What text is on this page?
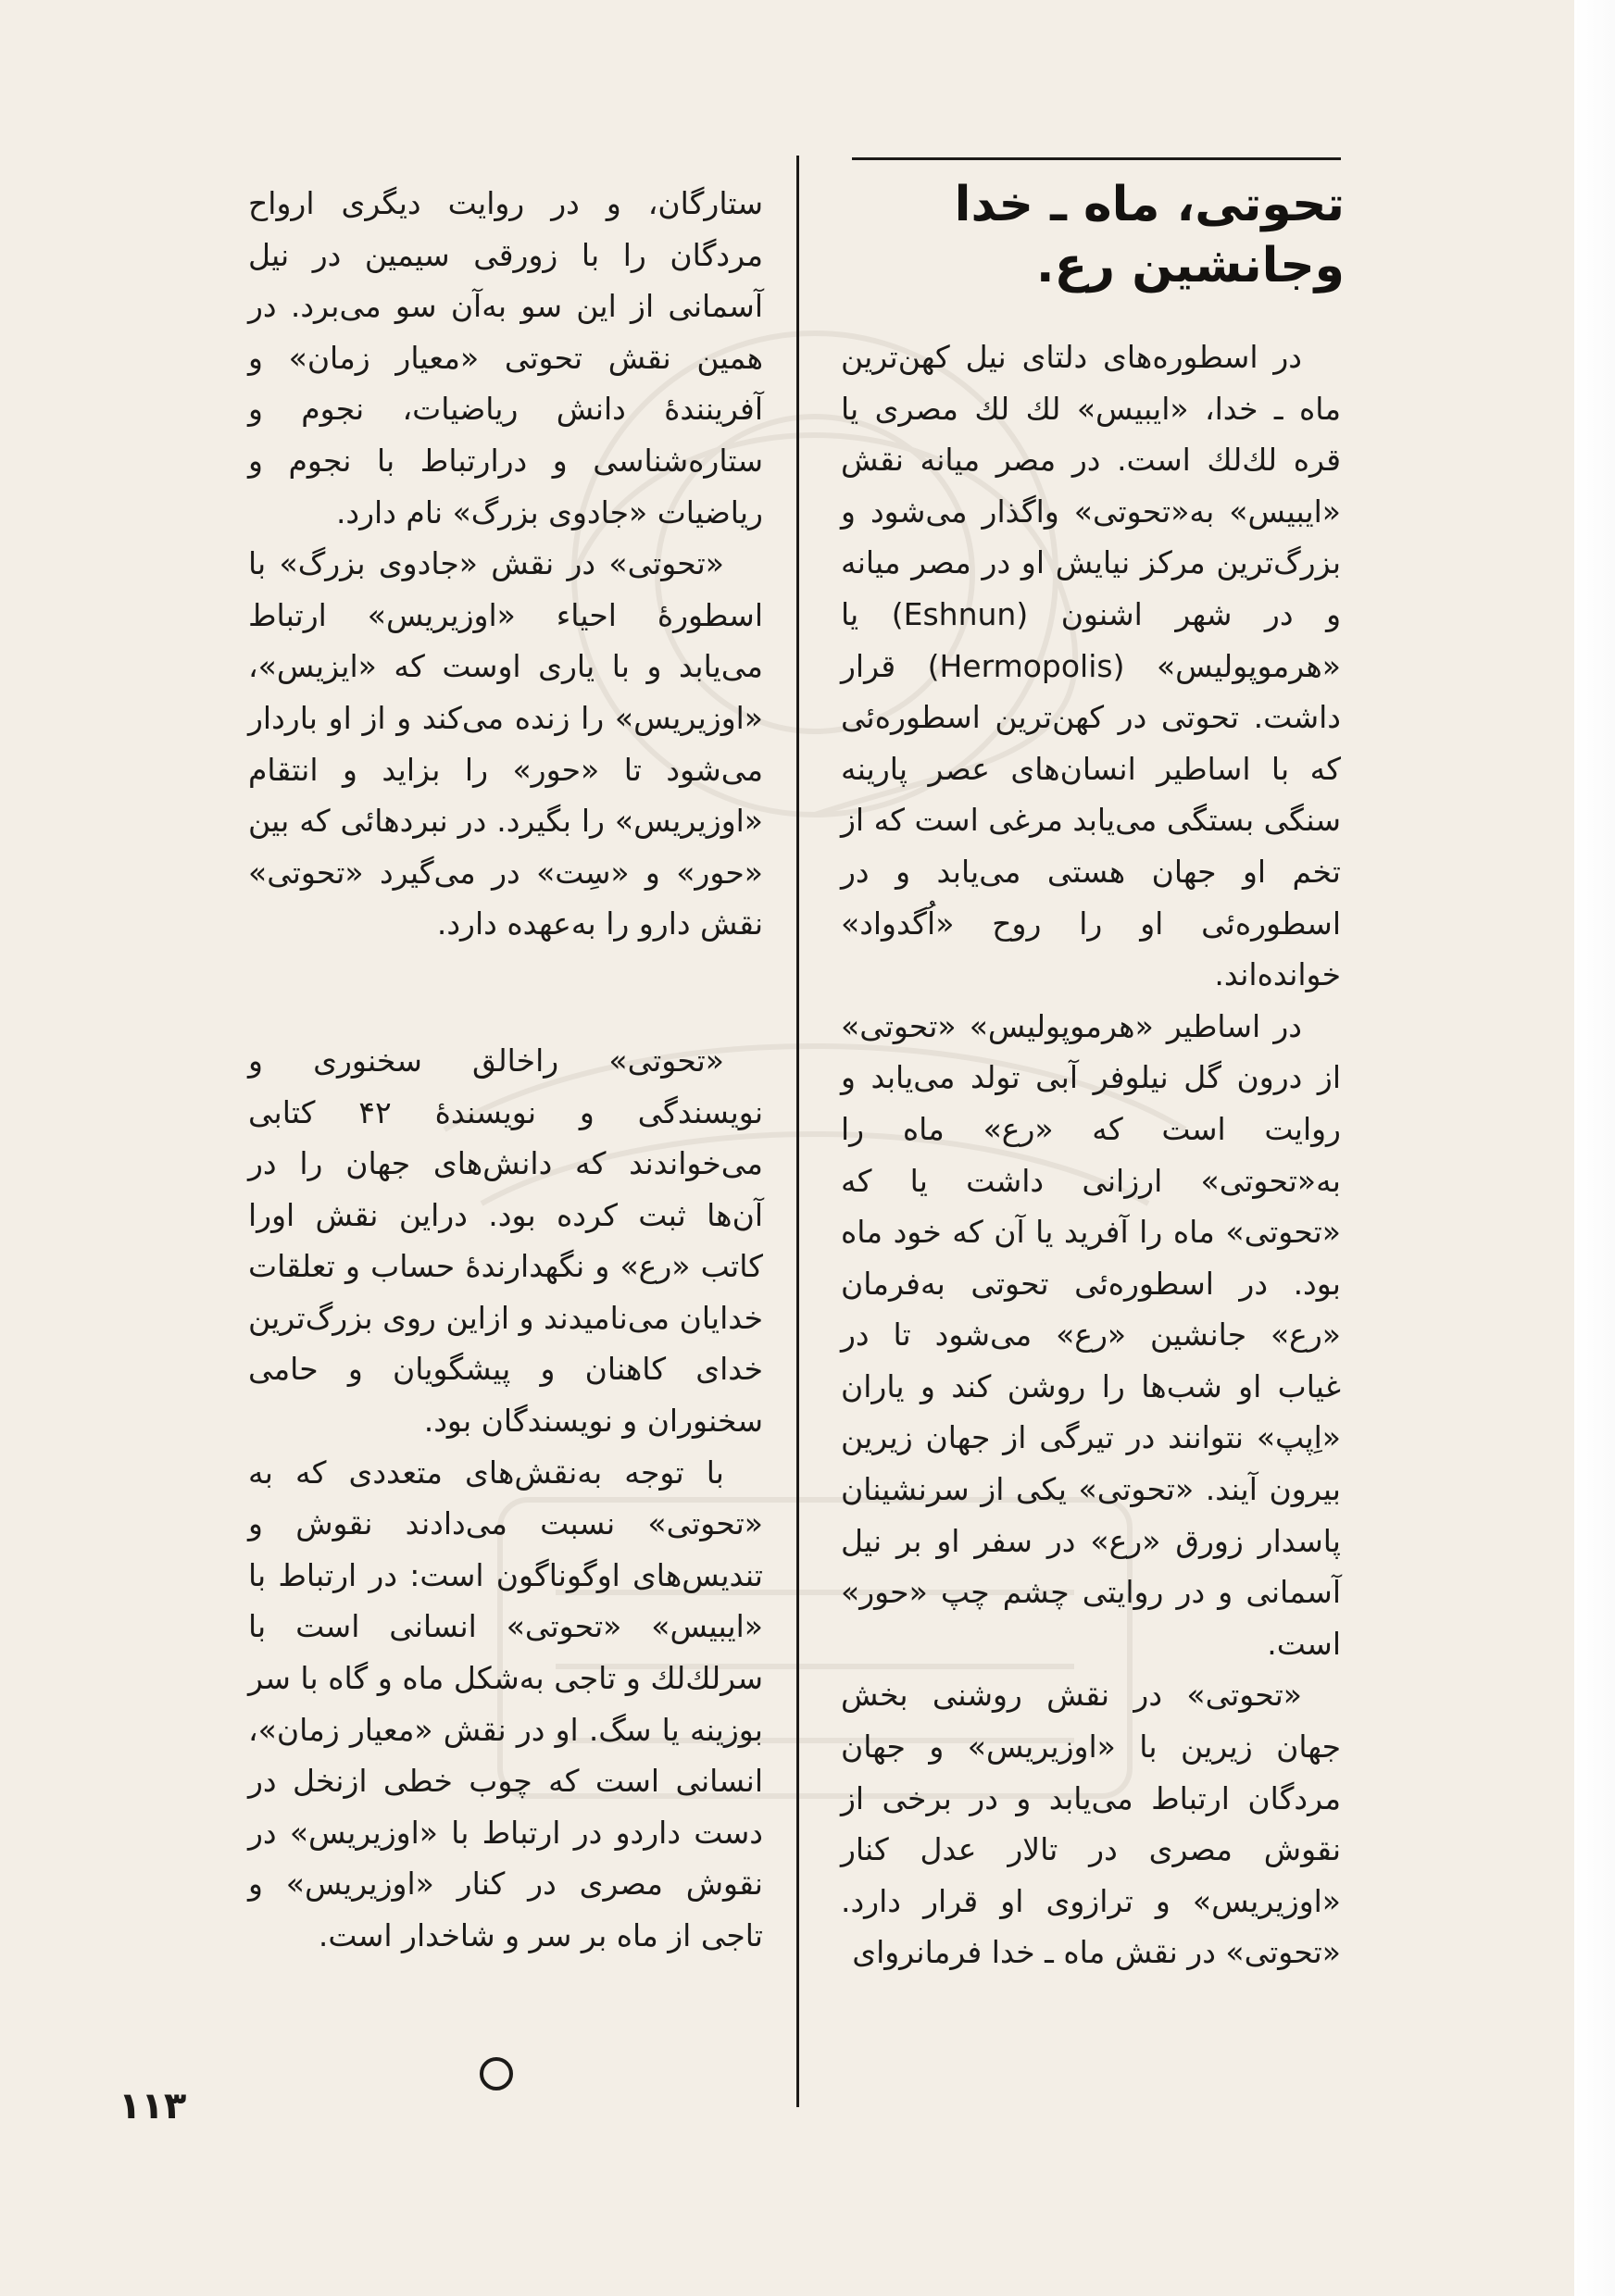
تحوتی، ماه ـ خدا وجانشین رع.

در اسطوره‌های دلتای نیل کهن‌ترین ماه ـ خدا، «ایبیس» لك لك مصری یا قره لك‌لك است. در مصر میانه نقش «ایبیس» به«تحوتی» واگذار می‌شود و بزرگ‌ترین مرکز نیایش او در مصر میانه و در شهر اشنون (Eshnun) یا «هرموپولیس» (Hermopolis) قرار داشت. تحوتی در کهن‌ترین اسطوره‌ئی که با اساطیر انسان‌های عصر پارینه سنگی بستگی می‌یابد مرغی است که از تخم او جهان هستی می‌یابد و در اسطوره‌ئی او را روح «اُگدواد» خوانده‌اند.

در اساطیر «هرموپولیس» «تحوتی» از درون گل نیلوفر آبی تولد می‌یابد و روایت است که «رع» ماه را به«تحوتی» ارزانی داشت یا که «تحوتی» ماه را آفرید یا آن که خود ماه بود. در اسطوره‌ئی تحوتی به‌فرمان «رع» جانشین «رع» می‌شود تا در غیاب او شب‌ها را روشن کند و یاران «اِپپ» نتوانند در تیرگی از جهان زیرین بیرون آیند. «تحوتی» یکی از سرنشینان پاسدار زورق «رع» در سفر او بر نیل آسمانی و در روایتی چشم چپ «حور» است.

«تحوتی» در نقش روشنی بخش جهان زیرین با «اوزیریس» و جهان مردگان ارتباط می‌یابد و در برخی از نقوش مصری در تالار عدل کنار «اوزیریس» و ترازوی او قرار دارد. «تحوتی» در نقش ماه ـ خدا فرمانروای

ستارگان، و در روایت دیگری ارواح مردگان را با زورقی سیمین در نیل آسمانی از این سو به‌آن سو می‌برد. در همین نقش تحوتی «معیار زمان» و آفرینندهٔ دانش ریاضیات، نجوم و ستاره‌شناسی و درارتباط با نجوم و ریاضیات «جادوی بزرگ» نام دارد.

«تحوتی» در نقش «جادوی بزرگ» با اسطورهٔ احیاء «اوزیریس» ارتباط می‌یابد و با یاری اوست که «ایزیس»، «اوزیریس» را زنده می‌کند و از او باردار می‌شود تا «حور» را بزاید و انتقام «اوزیریس» را بگیرد. در نبردهائی که بین «حور» و «سِت» در می‌گیرد «تحوتی» نقش دارو را به‌عهده دارد.

«تحوتی» راخالق سخنوری و نویسندگی و نویسندهٔ ۴۲ کتابی می‌خواندند که دانش‌های جهان را در آن‌ها ثبت کرده بود. دراین نقش اورا کاتب «رع» و نگهدارندهٔ حساب و تعلقات خدایان می‌نامیدند و ازاین روی بزرگ‌ترین خدای کاهنان و پیشگویان و حامی سخنوران و نویسندگان بود.

با توجه به‌نقش‌های متعددی که به «تحوتی» نسبت می‌دادند نقوش و تندیس‌های اوگوناگون است: در ارتباط با «ایبیس» «تحوتی» انسانی است با سرلك‌لك و تاجی به‌شکل ماه و گاه با سر بوزینه یا سگ. او در نقش «معیار زمان»، انسانی است که چوب خطی ازنخل در دست داردو در ارتباط با «اوزیریس» در نقوش مصری در کنار «اوزیریس» و تاجی از ماه بر سر و شاخدار است.

۱۱۳
